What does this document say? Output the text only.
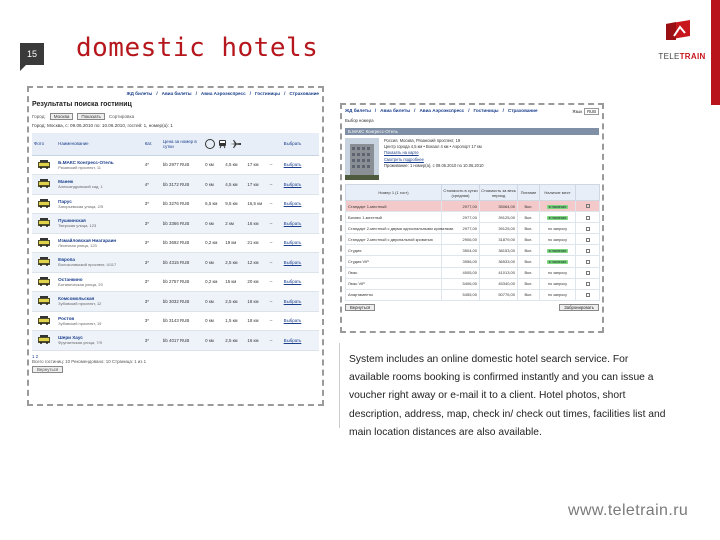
15 domestic hotels	TELETRAIN
ЖД билеты / Авиа билеты / Авиа Аэроэкспресс / Гостиницы / Страхование
Результаты поиска гостиниц
Город:	Москва	Показать	Сортировка
Город: Москва, с: 09.06.2010 по: 10.06.2010, гостей: 1, номер(а): 1
Фото	Наименование	Кат.	Цена за номер в сутки					Выбрать

Б.МАКС Конгресс-Отель
Рязанский проспект, 11	4*	bb 2977 RUB	0 км	4,5 км	17 км	--	Выбрать

Манеж
Александровский сад, 1	4*	bb 3172 RUB	0 км	4,5 км	17 км	--	Выбрать

Парус
Загорьевская улица, 2/5	3*	bb 3276 RUB	6,5 км	9,5 км	16,5 км	--	Выбрать

Пушкинская
Тверская улица, 123	3*	bb 3366 RUB	0 км	2 км	16 км	--	Выбрать

Измайловская Ниагараин
Лесечная улица, 123	3*	bb 3692 RUB	0,2 км	19 км	21 км	--	Выбрать

Европа
Волоколамский проспект, 4/117	3*	bb 4315 RUB	0 км	2,5 км	12 км	--	Выбрать

Останкино
Ботаническая улица, 29	3*	bb 2757 RUB	0,2 км	15 км	20 км	--	Выбрать

Комсомольская
Зубовский проспект, 12	3*	bb 3032 RUB	0 км	2,5 км	18 км	--	Выбрать

Ростов
Зубовский проспект, 19	3*	bb 3143 RUB	0 км	1,5 км	18 км	--	Выбрать

Шери Хаус
Фрунзенская улица, 7/9	3*	bb 4017 RUB	0 км	2,5 км	16 км	--	Выбрать
1 2
Всего гостиниц: 10 Рекомендовано: 10 Страница: 1 из 1
Вернуться
ЖД билеты / Авиа билеты / Авиа Аэроэкспресс / Гостиницы / Страхование
Выбор номера
Язык	RUB
Б.МАКС Конгресс-Отель
Россия, Москва, Рязанский проспект, 19
Центр города 4,5 км • Вокзал 4 км • Аэропорт 17 км
Показать на карте
Смотреть подробнее
Проживание: 1 номер(а), с 09.06.2010 по 10.06.2010
Номер 1 (1 гост)	Стоимость в сутки (средняя)	Стоимость за весь период	Питание	Наличие мест	
Стандарт 1-местный	2977,00	35064,00	Вкл.	в наличии	
Бизнес 1-местный	2977,00	39125,00	Вкл.	в наличии	
Стандарт 2-местный с двумя односпальными кроватями	2977,00	39125,00	Вкл.	по запросу	
Стандарт 2-местный с двуспальной кроватью	2906,00	31879,00	Вкл.	по запросу	
Студия	3504,00	38153,00	Вкл.	в наличии	
Студия VIP	3956,00	36533,00	Вкл.	в наличии	
Люкс	4005,00	41013,00	Вкл.	по запросу	
Люкс VIP	5406,00	45340,00	Вкл.	по запросу	
Апартаменты	5455,00	50775,00	Вкл.	по запросу	
Вернуться	Забронировать
System includes an online domestic hotel search service. For available rooms booking is confirmed instantly and you can issue a voucher right away or e-mail it to a client. Hotel photos, short description, address, map, check in/ check out times, facilities list and main location distances are also available.
www.teletrain.ru
